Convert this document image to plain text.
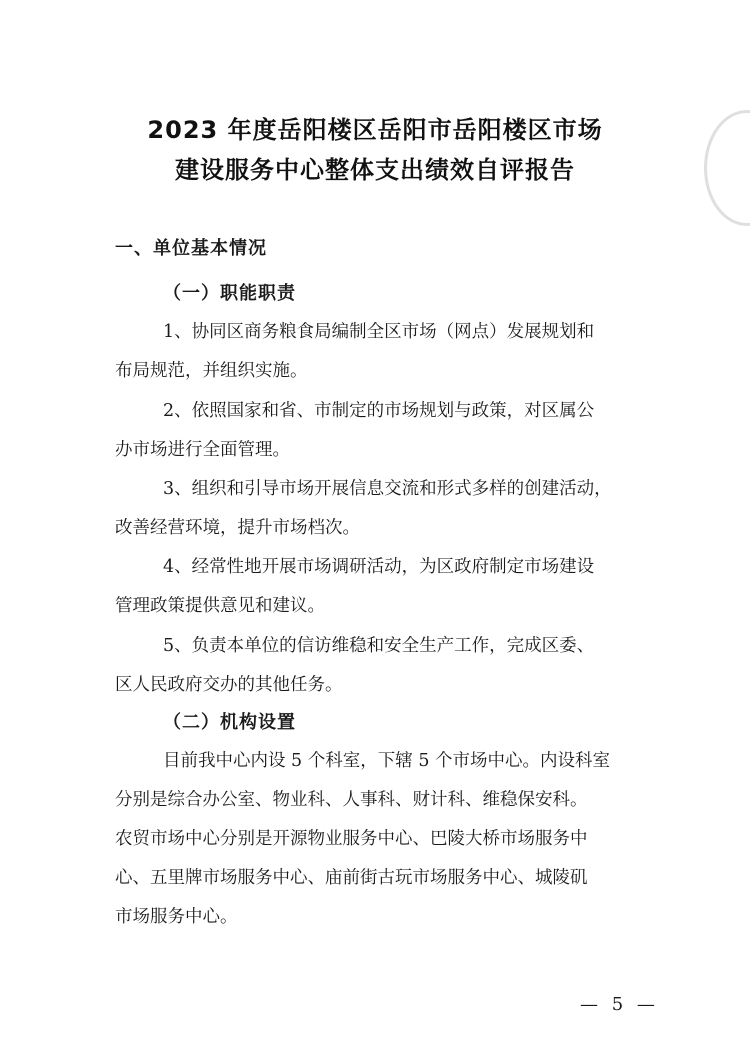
2023 年度岳阳楼区岳阳市岳阳楼区市场
建设服务中心整体支出绩效自评报告
一、单位基本情况
（一）职能职责
1、协同区商务粮食局编制全区市场（网点）发展规划和
布局规范，并组织实施。
2、依照国家和省、市制定的市场规划与政策，对区属公
办市场进行全面管理。
3、组织和引导市场开展信息交流和形式多样的创建活动，
改善经营环境，提升市场档次。
4、经常性地开展市场调研活动，为区政府制定市场建设
管理政策提供意见和建议。
5、负责本单位的信访维稳和安全生产工作，完成区委、
区人民政府交办的其他任务。
（二）机构设置
目前我中心内设 5 个科室，下辖 5 个市场中心。内设科室
分别是综合办公室、物业科、人事科、财计科、维稳保安科。
农贸市场中心分别是开源物业服务中心、巴陵大桥市场服务中
心、五里牌市场服务中心、庙前街古玩市场服务中心、城陵矶
市场服务中心。
— 5 —
